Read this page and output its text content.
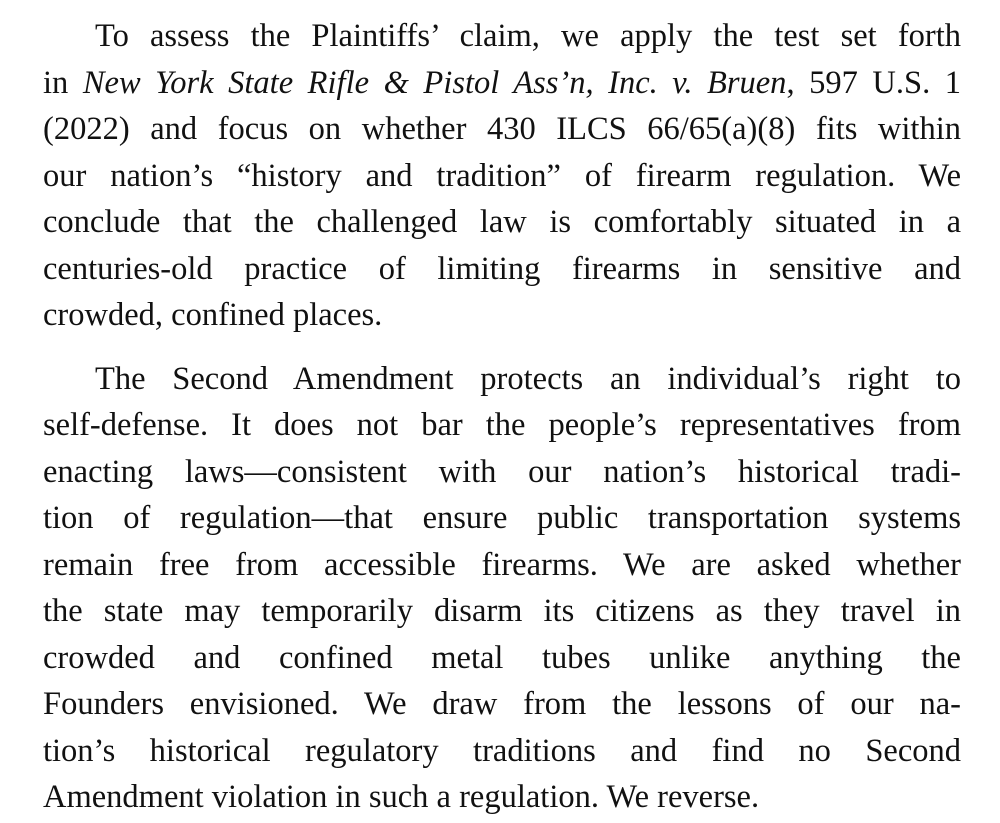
To assess the Plaintiffs’ claim, we apply the test set forth
in New York State Rifle & Pistol Ass’n, Inc. v. Bruen, 597 U.S. 1
(2022) and focus on whether 430 ILCS 66/65(a)(8) fits within
our nation’s “history and tradition” of firearm regulation. We
conclude that the challenged law is comfortably situated in a
centuries-old practice of limiting firearms in sensitive and
crowded, confined places.

The Second Amendment protects an individual’s right to
self-defense. It does not bar the people’s representatives from
enacting laws—consistent with our nation’s historical tradi-
tion of regulation—that ensure public transportation systems
remain free from accessible firearms. We are asked whether
the state may temporarily disarm its citizens as they travel in
crowded and confined metal tubes unlike anything the
Founders envisioned. We draw from the lessons of our na-
tion’s historical regulatory traditions and find no Second
Amendment violation in such a regulation. We reverse.
